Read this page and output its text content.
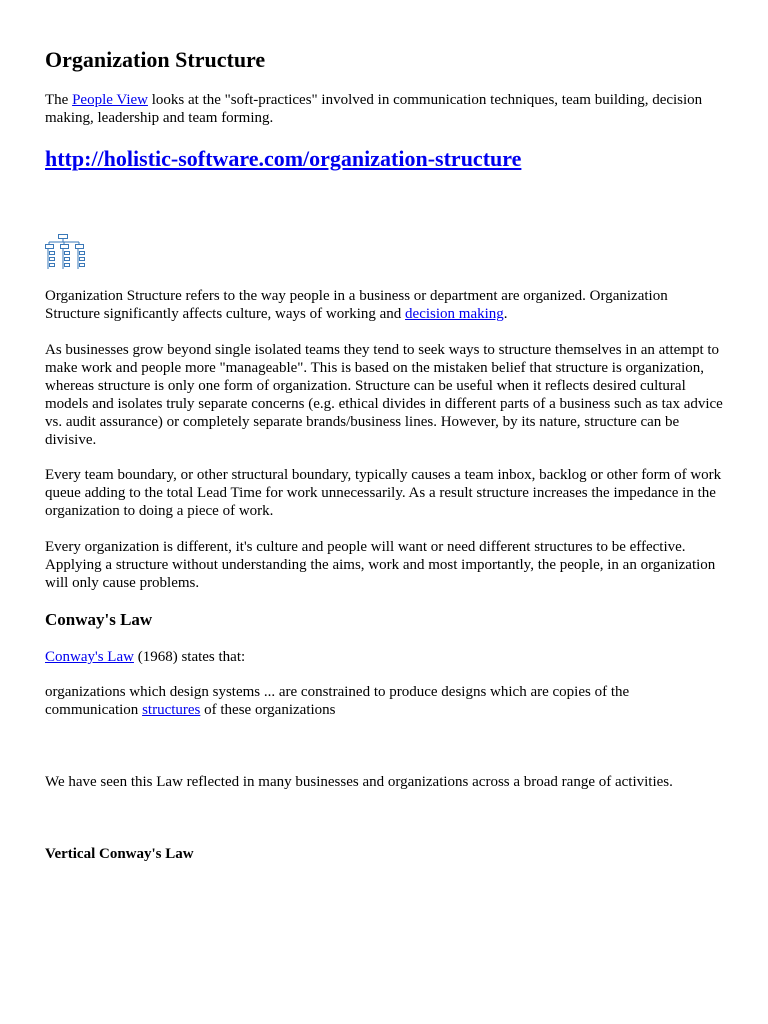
Organization Structure

The People View looks at the "soft-practices" involved in communication techniques, team building, decision making, leadership and team forming.

http://holistic-software.com/organization-structure

Organization Structure refers to the way people in a business or department are organized. Organization Structure significantly affects culture, ways of working and decision making.

As businesses grow beyond single isolated teams they tend to seek ways to structure themselves in an attempt to make work and people more "manageable". This is based on the mistaken belief that structure is organization, whereas structure is only one form of organization. Structure can be useful when it reflects desired cultural models and isolates truly separate concerns (e.g. ethical divides in different parts of a business such as tax advice vs. audit assurance) or completely separate brands/business lines. However, by its nature, structure can be divisive.

Every team boundary, or other structural boundary, typically causes a team inbox, backlog or other form of work queue adding to the total Lead Time for work unnecessarily. As a result structure increases the impedance in the organization to doing a piece of work.

Every organization is different, it's culture and people will want or need different structures to be effective. Applying a structure without understanding the aims, work and most importantly, the people, in an organization will only cause problems.

Conway's Law

Conway's Law (1968) states that:

organizations which design systems ... are constrained to produce designs which are copies of the communication structures of these organizations

We have seen this Law reflected in many businesses and organizations across a broad range of activities.

Vertical Conway's Law
